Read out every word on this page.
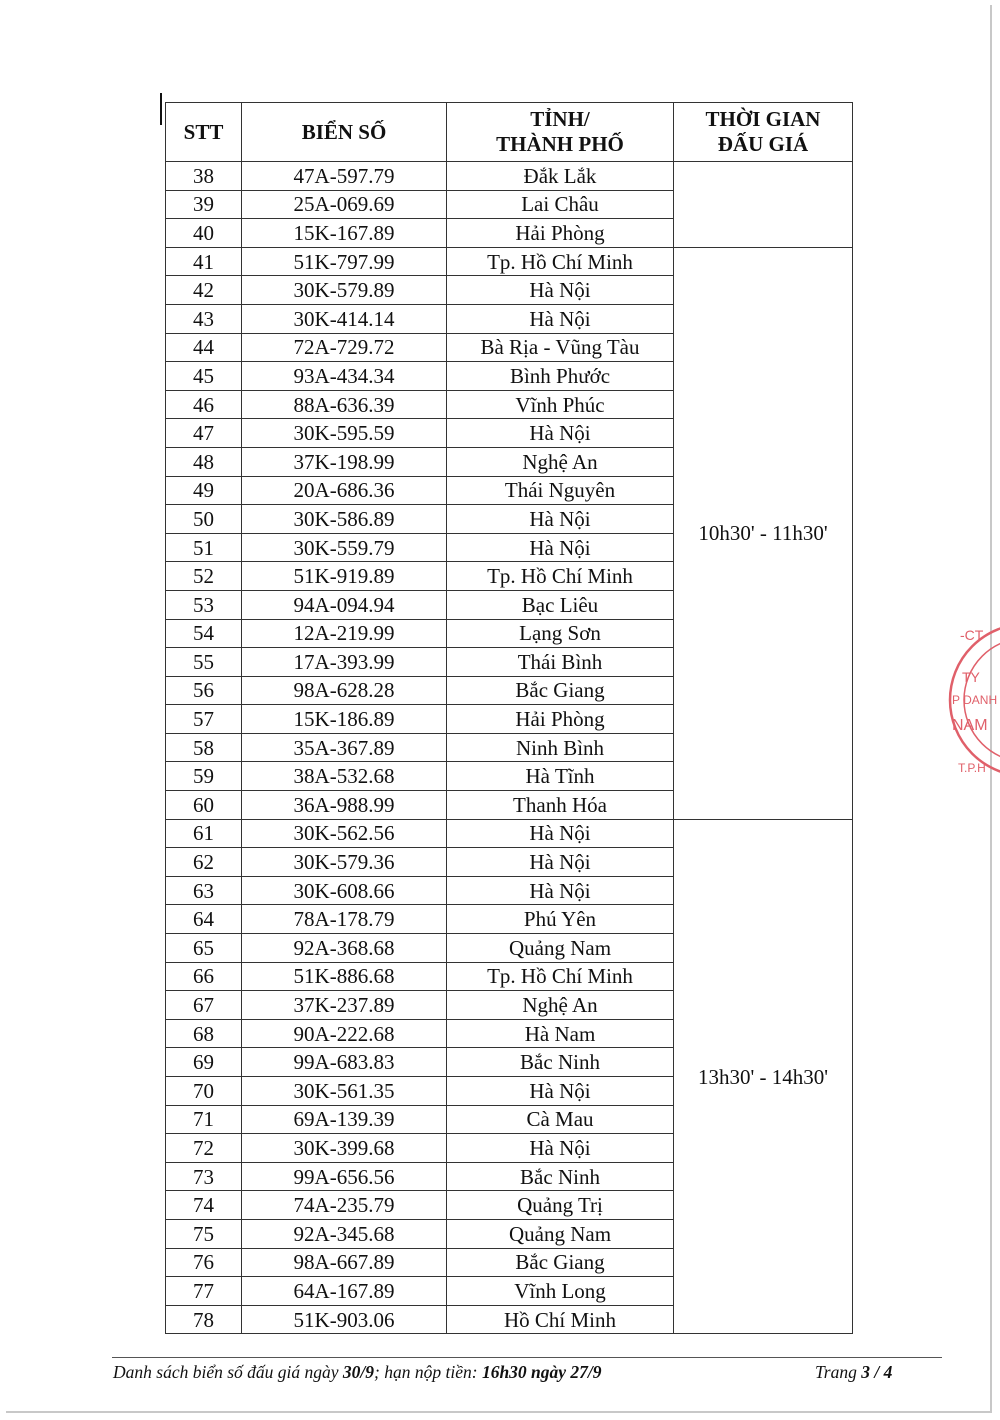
STT	BIỂN SỐ	TỈNH/
THÀNH PHỐ	THỜI GIAN
ĐẤU GIÁ
38	47A-597.79	Đắk Lắk	
39	25A-069.69	Lai Châu	
40	15K-167.89	Hải Phòng	
41	51K-797.99	Tp. Hồ Chí Minh	10h30' - 11h30'
42	30K-579.89	Hà Nội	
43	30K-414.14	Hà Nội	
44	72A-729.72	Bà Rịa - Vũng Tàu	
45	93A-434.34	Bình Phước	
46	88A-636.39	Vĩnh Phúc	
47	30K-595.59	Hà Nội	
48	37K-198.99	Nghệ An	
49	20A-686.36	Thái Nguyên	
50	30K-586.89	Hà Nội	
51	30K-559.79	Hà Nội	
52	51K-919.89	Tp. Hồ Chí Minh	
53	94A-094.94	Bạc Liêu	
54	12A-219.99	Lạng Sơn	
55	17A-393.99	Thái Bình	
56	98A-628.28	Bắc Giang	
57	15K-186.89	Hải Phòng	
58	35A-367.89	Ninh Bình	
59	38A-532.68	Hà Tĩnh	
60	36A-988.99	Thanh Hóa	
61	30K-562.56	Hà Nội	13h30' - 14h30'
62	30K-579.36	Hà Nội	
63	30K-608.66	Hà Nội	
64	78A-178.79	Phú Yên	
65	92A-368.68	Quảng Nam	
66	51K-886.68	Tp. Hồ Chí Minh	
67	37K-237.89	Nghệ An	
68	90A-222.68	Hà Nam	
69	99A-683.83	Bắc Ninh	
70	30K-561.35	Hà Nội	
71	69A-139.39	Cà Mau	
72	30K-399.68	Hà Nội	
73	99A-656.56	Bắc Ninh	
74	74A-235.79	Quảng Trị	
75	92A-345.68	Quảng Nam	
76	98A-667.89	Bắc Giang	
77	64A-167.89	Vĩnh Long	
78	51K-903.06	Hồ Chí Minh	
Danh sách biển số đấu giá ngày 30/9; hạn nộp tiền: 16h30 ngày 27/9	Trang 3 / 4
-CT
TY
P DANH
NAM
T.P.H
